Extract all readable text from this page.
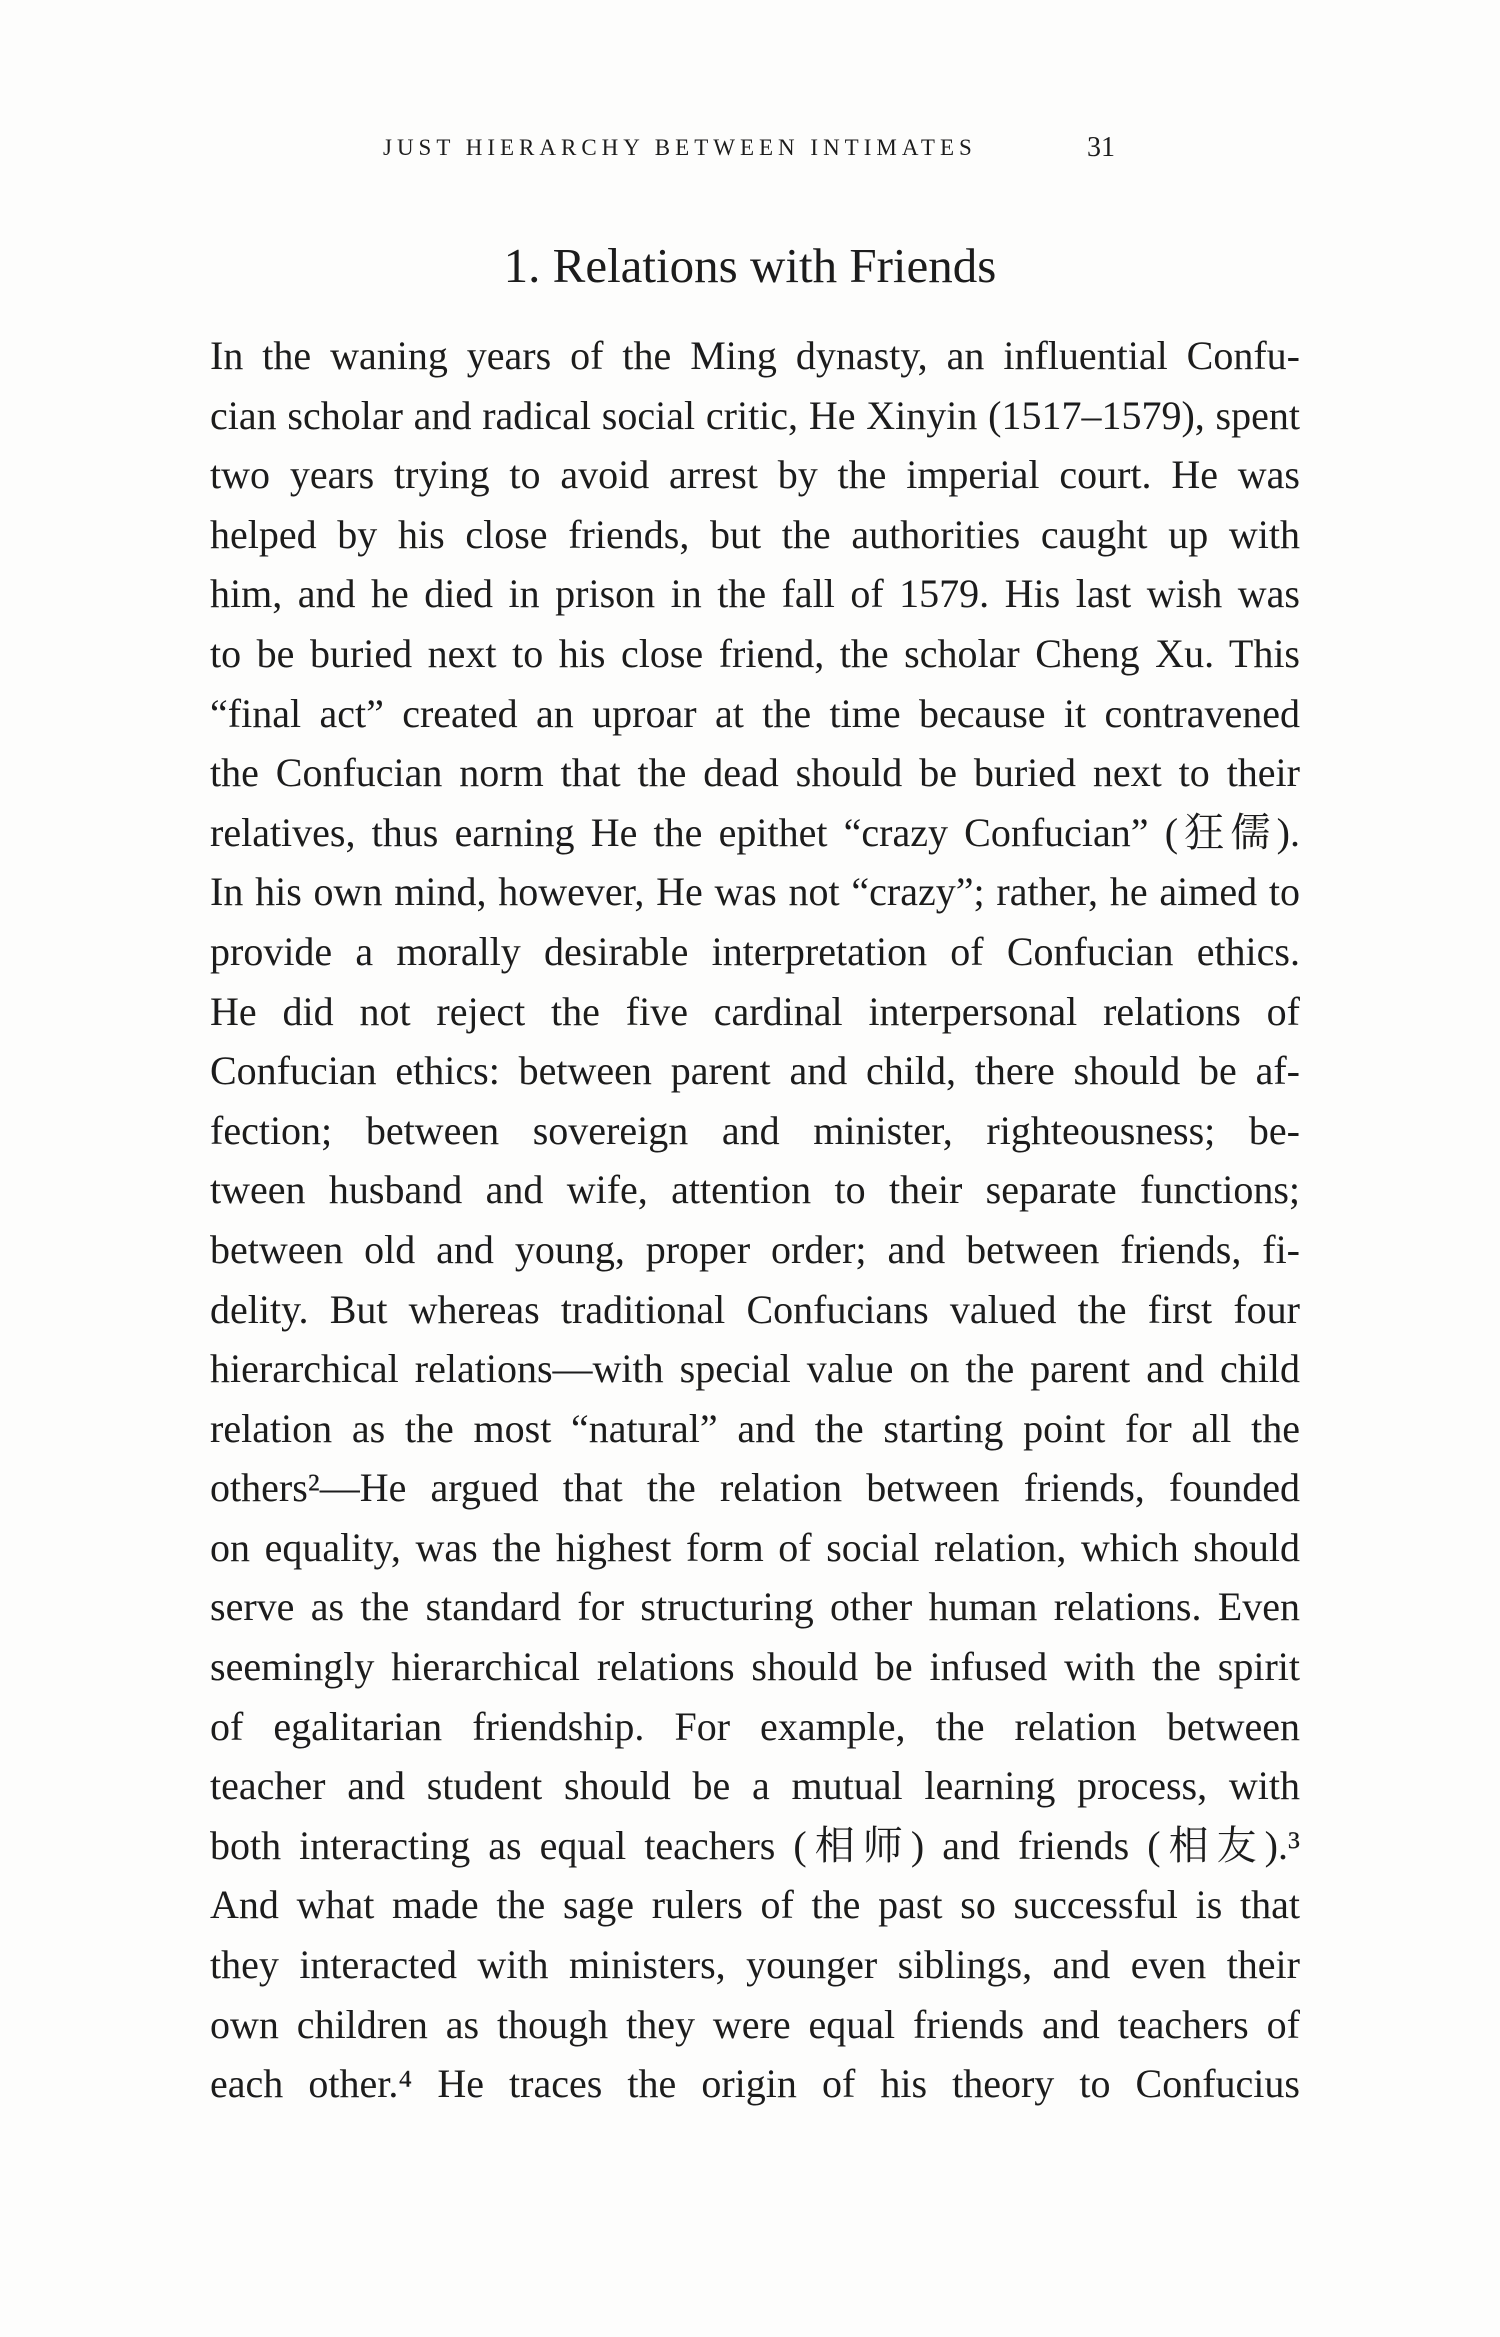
JUST HIERARCHY BETWEEN INTIMATES	31
1. Relations with Friends
In the waning years of the Ming dynasty, an influential Confu-
cian scholar and radical social critic, He Xinyin (1517–1579), spent
two years trying to avoid arrest by the imperial court. He was
helped by his close friends, but the authorities caught up with
him, and he died in prison in the fall of 1579. His last wish was
to be buried next to his close friend, the scholar Cheng Xu. This
“final act” created an uproar at the time because it contravened
the Confucian norm that the dead should be buried next to their
relatives, thus earning He the epithet “crazy Confucian” (狂儒).
In his own mind, however, He was not “crazy”; rather, he aimed to
provide a morally desirable interpretation of Confucian ethics.
He did not reject the five cardinal interpersonal relations of
Confucian ethics: between parent and child, there should be af-
fection; between sovereign and minister, righteousness; be-
tween husband and wife, attention to their separate functions;
between old and young, proper order; and between friends, fi-
delity. But whereas traditional Confucians valued the first four
hierarchical relations—with special value on the parent and child
relation as the most “natural” and the starting point for all the
others²—He argued that the relation between friends, founded
on equality, was the highest form of social relation, which should
serve as the standard for structuring other human relations. Even
seemingly hierarchical relations should be infused with the spirit
of egalitarian friendship. For example, the relation between
teacher and student should be a mutual learning process, with
both interacting as equal teachers (相师) and friends (相友).³
And what made the sage rulers of the past so successful is that
they interacted with ministers, younger siblings, and even their
own children as though they were equal friends and teachers of
each other.⁴ He traces the origin of his theory to Confucius
